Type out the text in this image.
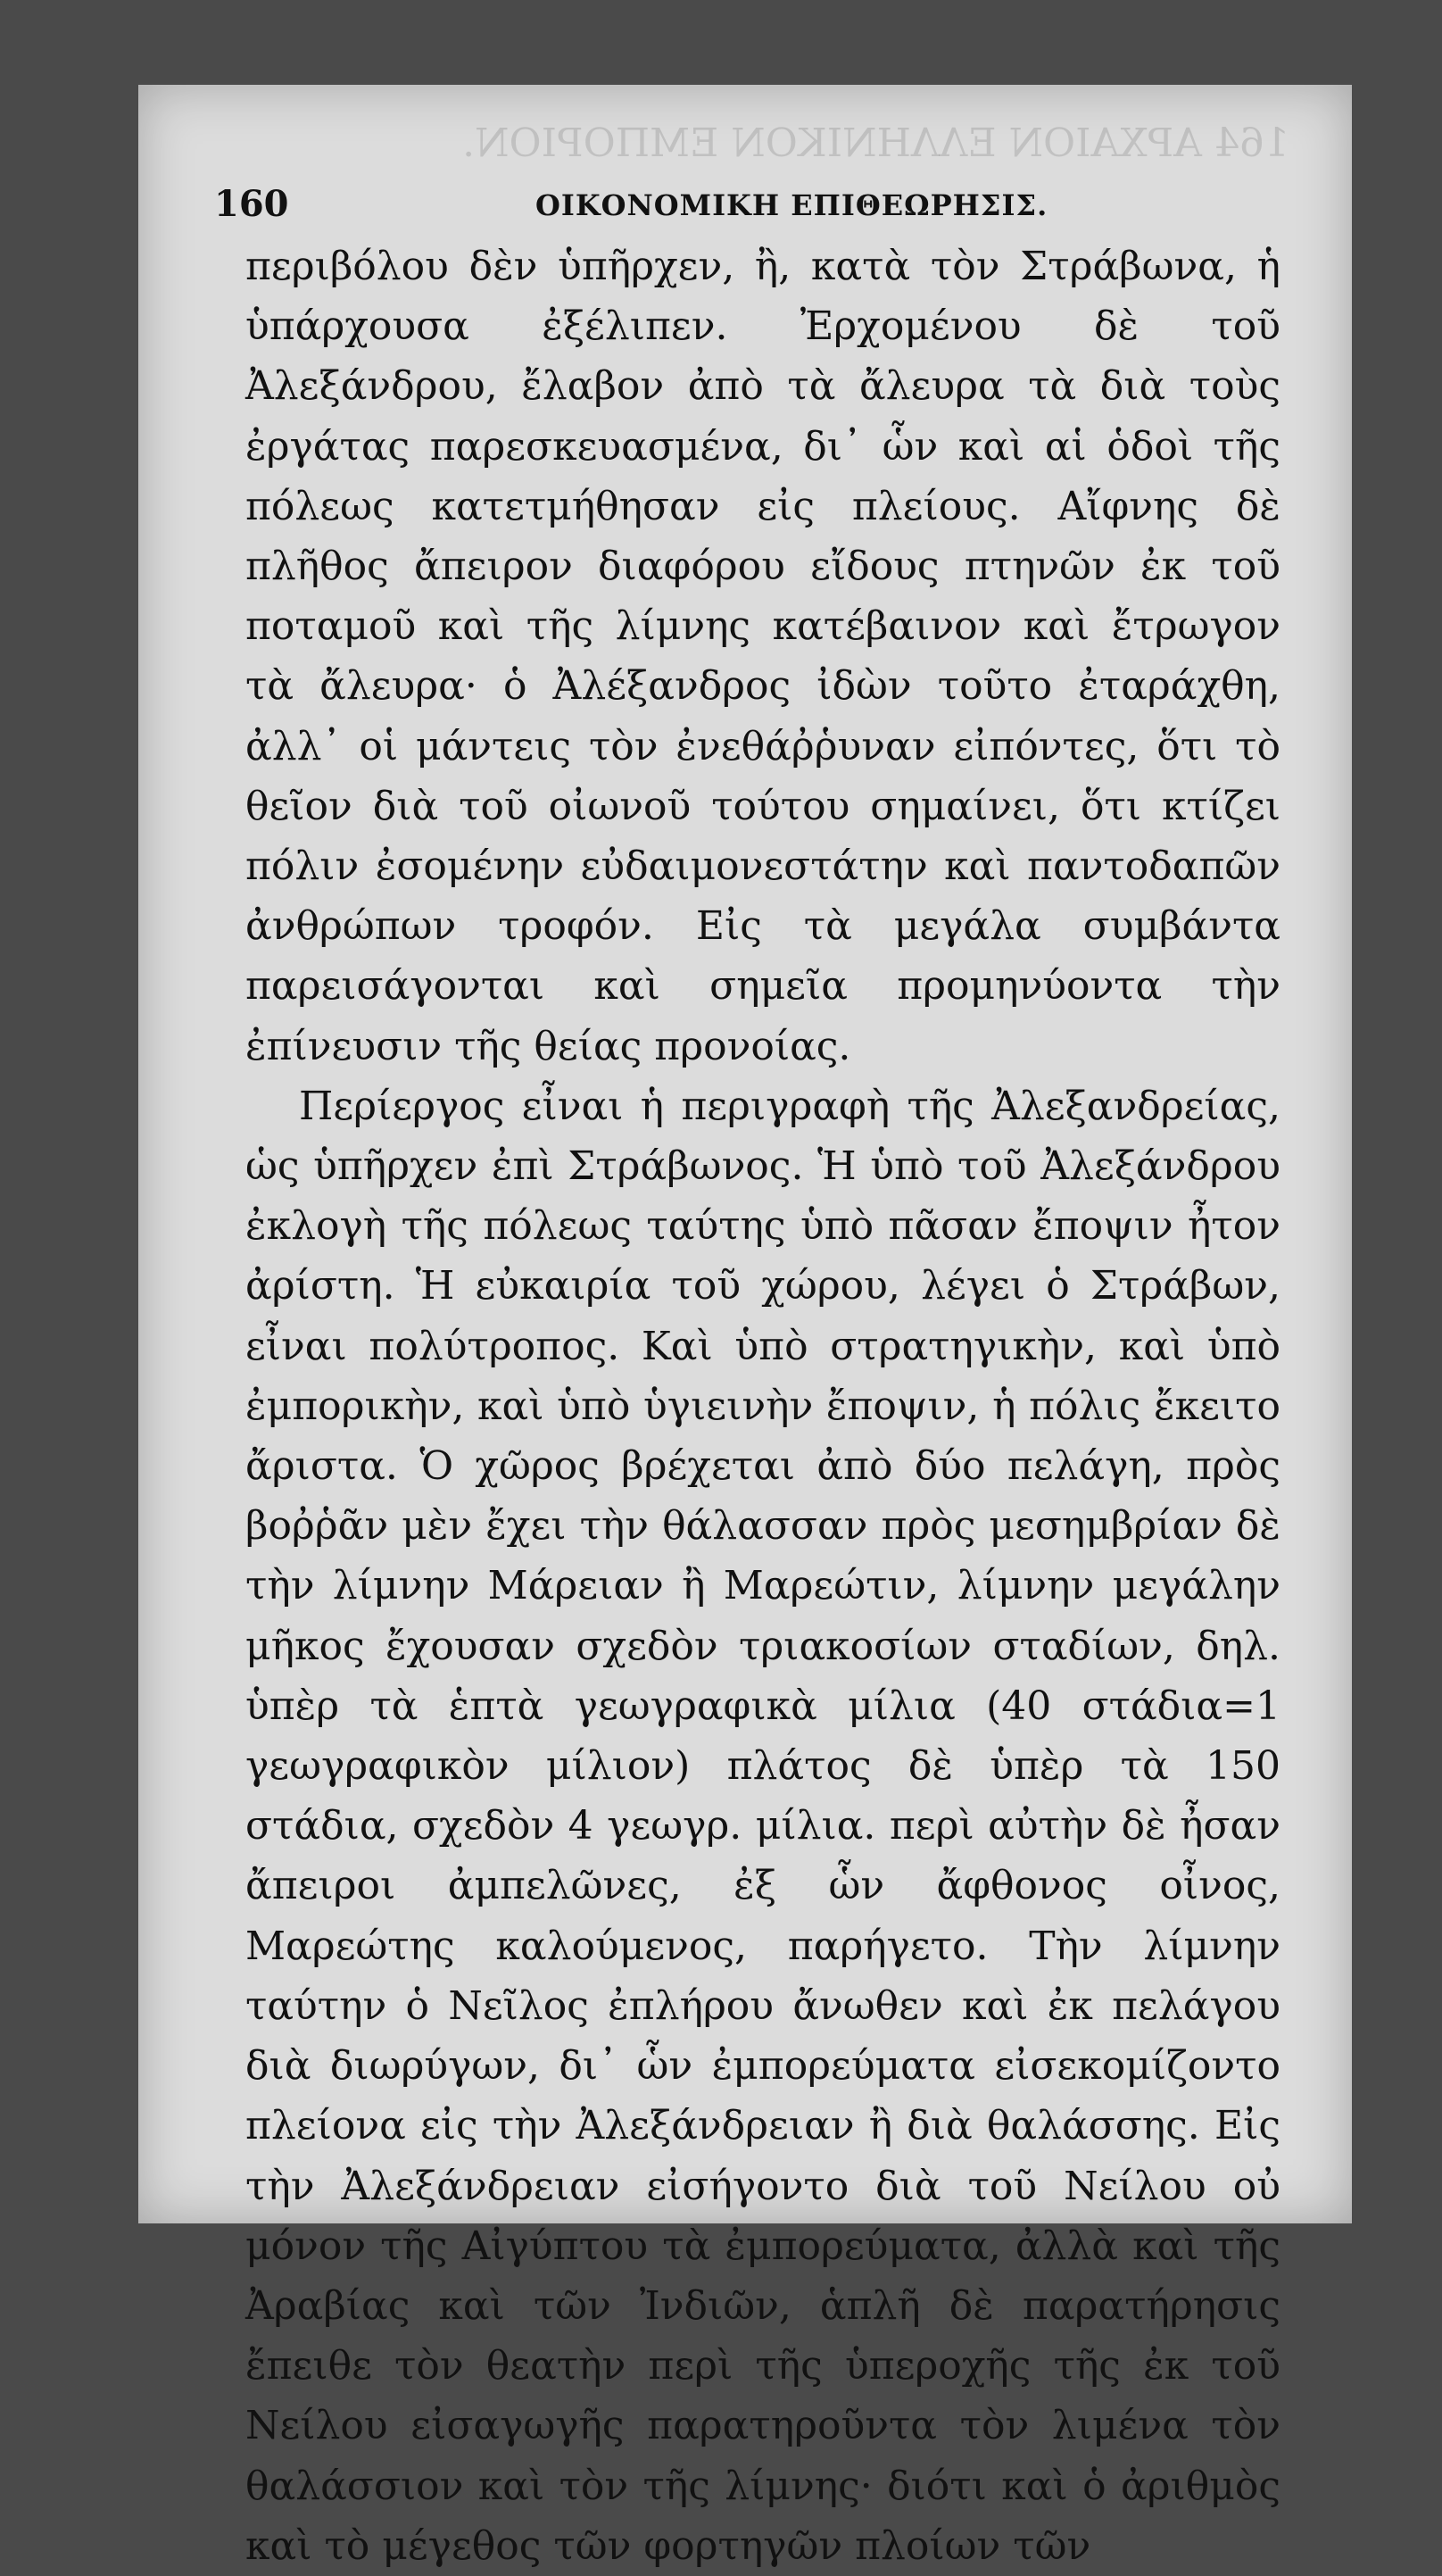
164 ΑΡΧΑΙΟΝ ΕΛΛΗΝΙΚΟΝ ΕΜΠΟΡΙΟΝ.
160	ΟΙΚΟΝΟΜΙΚΗ ΕΠΙΘΕΩΡΗΣΙΣ.

περιβόλου δὲν ὑπῆρχεν, ἢ, κατὰ τὸν Στράβωνα, ἡ ὑπάρχουσα ἐξέλιπεν. Ἐρχομένου δὲ τοῦ Ἀλεξάνδρου, ἔλαβον ἀπὸ τὰ ἄλευρα τὰ διὰ τοὺς ἐργάτας παρεσκευασμένα, δι᾽ ὧν καὶ αἱ ὁδοὶ τῆς πόλεως κατετμήθησαν εἰς πλείους. Αἴφνης δὲ πλῆθος ἄπειρον διαφόρου εἴδους πτηνῶν ἐκ τοῦ ποταμοῦ καὶ τῆς λίμνης κατέβαινον καὶ ἔτρωγον τὰ ἄλευρα· ὁ Ἀλέξανδρος ἰδὼν τοῦτο ἐταράχθη, ἀλλ᾽ οἱ μάντεις τὸν ἐνεθάῤῥυναν εἰπόντες, ὅτι τὸ θεῖον διὰ τοῦ οἰωνοῦ τούτου σημαίνει, ὅτι κτίζει πόλιν ἐσομένην εὐδαιμονεστάτην καὶ παντοδαπῶν ἀνθρώπων τροφόν. Εἰς τὰ μεγάλα συμβάντα παρεισάγονται καὶ σημεῖα προμηνύοντα τὴν ἐπίνευσιν τῆς θείας προνοίας.

Περίεργος εἶναι ἡ περιγραφὴ τῆς Ἀλεξανδρείας, ὡς ὑπῆρχεν ἐπὶ Στράβωνος. Ἡ ὑπὸ τοῦ Ἀλεξάνδρου ἐκλογὴ τῆς πόλεως ταύτης ὑπὸ πᾶσαν ἔποψιν ἦτον ἀρίστη. Ἡ εὐκαιρία τοῦ χώρου, λέγει ὁ Στράβων, εἶναι πολύτροπος. Καὶ ὑπὸ στρατηγικὴν, καὶ ὑπὸ ἐμπορικὴν, καὶ ὑπὸ ὑγιεινὴν ἔποψιν, ἡ πόλις ἔκειτο ἄριστα. Ὁ χῶρος βρέχεται ἀπὸ δύο πελάγη, πρὸς βοῤῥᾶν μὲν ἔχει τὴν θάλασσαν πρὸς μεσημβρίαν δὲ τὴν λίμνην Μάρειαν ἢ Μαρεώτιν, λίμνην μεγάλην μῆκος ἔχουσαν σχεδὸν τριακοσίων σταδίων, δηλ. ὑπὲρ τὰ ἑπτὰ γεωγραφικὰ μίλια (40 στάδια=1 γεωγραφικὸν μίλιον) πλάτος δὲ ὑπὲρ τὰ 150 στάδια, σχεδὸν 4 γεωγρ. μίλια. περὶ αὐτὴν δὲ ἦσαν ἄπειροι ἀμπελῶνες, ἐξ ὧν ἄφθονος οἶνος, Μαρεώτης καλούμενος, παρήγετο. Τὴν λίμνην ταύτην ὁ Νεῖλος ἐπλήρου ἄνωθεν καὶ ἐκ πελάγου διὰ διωρύγων, δι᾽ ὧν ἐμπορεύματα εἰσεκομίζοντο πλείονα εἰς τὴν Ἀλεξάνδρειαν ἢ διὰ θαλάσσης. Εἰς τὴν Ἀλεξάνδρειαν εἰσήγοντο διὰ τοῦ Νείλου οὐ μόνον τῆς Αἰγύπτου τὰ ἐμπορεύματα, ἀλλὰ καὶ τῆς Ἀραβίας καὶ τῶν Ἰνδιῶν, ἁπλῆ δὲ παρατήρησις ἔπειθε τὸν θεατὴν περὶ τῆς ὑπεροχῆς τῆς ἐκ τοῦ Νείλου εἰσαγωγῆς παρατηροῦντα τὸν λιμένα τὸν θαλάσσιον καὶ τὸν τῆς λίμνης· διότι καὶ ὁ ἀριθμὸς καὶ τὸ μέγεθος τῶν φορτηγῶν πλοίων τῶν
